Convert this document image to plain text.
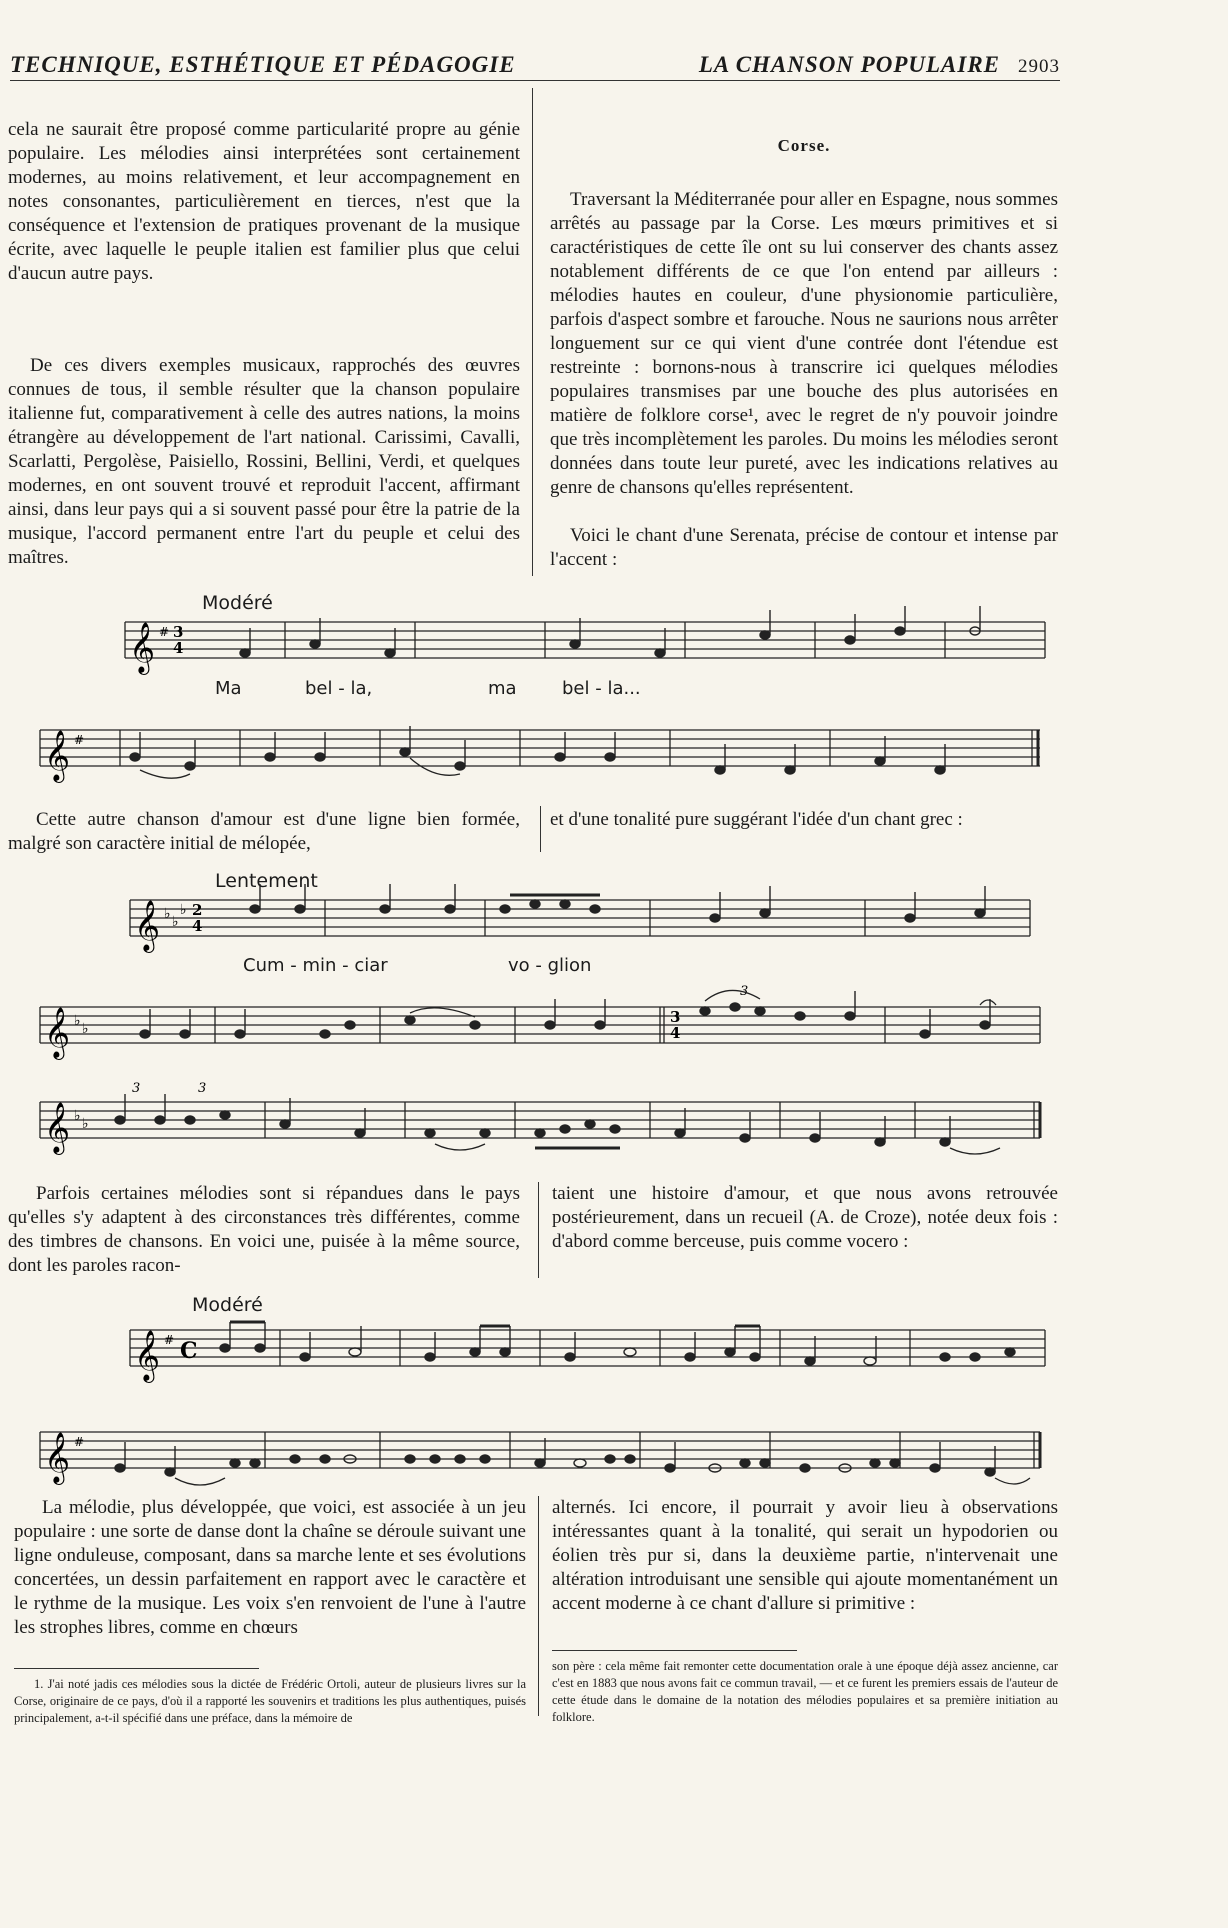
TECHNIQUE, ESTHÉTIQUE ET PÉDAGOGIE	LA CHANSON POPULAIRE 2903

cela ne saurait être proposé comme particularité propre au génie populaire. Les mélodies ainsi interprétées sont certainement modernes, au moins relativement, et leur accompagnement en notes consonantes, particulièrement en tierces, n'est que la conséquence et l'extension de pratiques provenant de la musique écrite, avec laquelle le peuple italien est familier plus que celui d'aucun autre pays.

De ces divers exemples musicaux, rapprochés des œuvres connues de tous, il semble résulter que la chanson populaire italienne fut, comparativement à celle des autres nations, la moins étrangère au développement de l'art national. Carissimi, Cavalli, Scarlatti, Pergolèse, Paisiello, Rossini, Bellini, Verdi, et quelques modernes, en ont souvent trouvé et reproduit l'accent, affirmant ainsi, dans leur pays qui a si souvent passé pour être la patrie de la musique, l'accord permanent entre l'art du peuple et celui des maîtres.

Corse.

Traversant la Méditerranée pour aller en Espagne, nous sommes arrêtés au passage par la Corse. Les mœurs primitives et si caractéristiques de cette île ont su lui conserver des chants assez notablement différents de ce que l'on entend par ailleurs : mélodies hautes en couleur, d'une physionomie particulière, parfois d'aspect sombre et farouche. Nous ne saurions nous arrêter longuement sur ce qui vient d'une contrée dont l'étendue est restreinte : bornons-nous à transcrire ici quelques mélodies populaires transmises par une bouche des plus autorisées en matière de folklore corse¹, avec le regret de n'y pouvoir joindre que très incomplètement les paroles. Du moins les mélodies seront données dans toute leur pureté, avec les indications relatives au genre de chansons qu'elles représentent.

Voici le chant d'une Serenata, précise de contour et intense par l'accent :

Modéré
𝄞 # 3
4
Ma	bel - la,	ma	bel - la...
𝄞 #
Cette autre chanson d'amour est d'une ligne bien formée, malgré son caractère initial de mélopée,
et d'une tonalité pure suggérant l'idée d'un chant grec :
Lentement
𝄞 ♭ ♭
♭ 2
4
Cum - min - ciar	vo - glion
𝄞 ♭ ♭
3
4
3
𝄞 ♭ ♭
3	3
Parfois certaines mélodies sont si répandues dans le pays qu'elles s'y adaptent à des circonstances très différentes, comme des timbres de chansons. En voici une, puisée à la même source, dont les paroles racon-
taient une histoire d'amour, et que nous avons retrouvée postérieurement, dans un recueil (A. de Croze), notée deux fois : d'abord comme berceuse, puis comme vocero :
Modéré
𝄞 # C
𝄞 #
La mélodie, plus développée, que voici, est associée à un jeu populaire : une sorte de danse dont la chaîne se déroule suivant une ligne onduleuse, composant, dans sa marche lente et ses évolutions concertées, un dessin parfaitement en rapport avec le caractère et le rythme de la musique. Les voix s'en renvoient de l'une à l'autre les strophes libres, comme en chœurs
alternés. Ici encore, il pourrait y avoir lieu à observations intéressantes quant à la tonalité, qui serait un hypodorien ou éolien très pur si, dans la deuxième partie, n'intervenait une altération introduisant une sensible qui ajoute momentanément un accent moderne à ce chant d'allure si primitive :
1. J'ai noté jadis ces mélodies sous la dictée de Frédéric Ortoli, auteur de plusieurs livres sur la Corse, originaire de ce pays, d'où il a rapporté les souvenirs et traditions les plus authentiques, puisés principalement, a-t-il spécifié dans une préface, dans la mémoire de
son père : cela même fait remonter cette documentation orale à une époque déjà assez ancienne, car c'est en 1883 que nous avons fait ce commun travail, — et ce furent les premiers essais de l'auteur de cette étude dans le domaine de la notation des mélodies populaires et sa première initiation au folklore.
